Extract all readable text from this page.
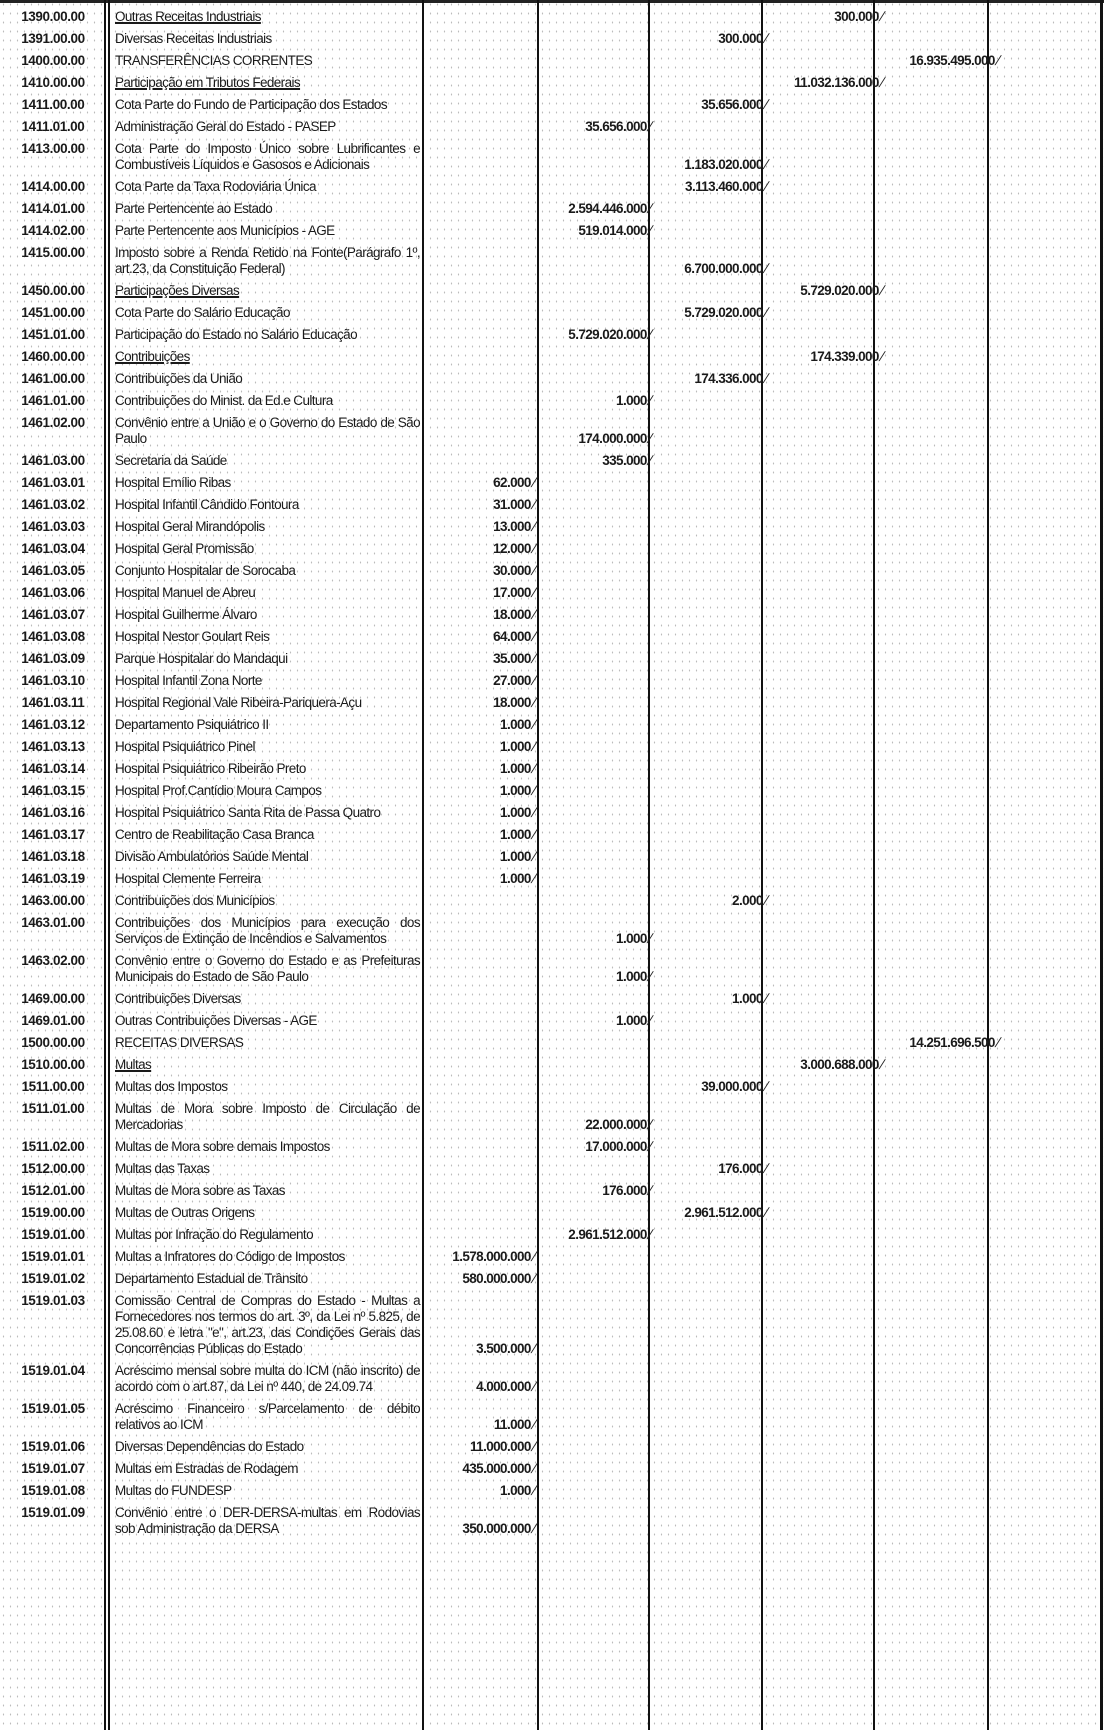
1390.00.00	Outras Receitas Industriais				300.000/		
1391.00.00	Diversas Receitas Industriais			300.000/			
1400.00.00	TRANSFERÊNCIAS CORRENTES					16.935.495.000/	
1410.00.00	Participação em Tributos Federais				11.032.136.000/		
1411.00.00	Cota Parte do Fundo de Participação dos Estados			35.656.000/			
1411.01.00	Administração Geral do Estado - PASEP		35.656.000/				
1413.00.00	Cota Parte do Imposto Único sobre Lubrificantes e Combustíveis Líquidos e Gasosos e Adicionais			1.183.020.000/			
1414.00.00	Cota Parte da Taxa Rodoviária Única			3.113.460.000/			
1414.01.00	Parte Pertencente ao Estado		2.594.446.000/				
1414.02.00	Parte Pertencente aos Municípios - AGE		519.014.000/				
1415.00.00	Imposto sobre a Renda Retido na Fonte(Parágrafo 1º, art.23, da Constituição Federal)			6.700.000.000/			
1450.00.00	Participações Diversas				5.729.020.000/		
1451.00.00	Cota Parte do Salário Educação			5.729.020.000/			
1451.01.00	Participação do Estado no Salário Educação		5.729.020.000/				
1460.00.00	Contribuições				174.339.000/		
1461.00.00	Contribuições da União			174.336.000/			
1461.01.00	Contribuições do Minist. da Ed.e Cultura		1.000/				
1461.02.00	Convênio entre a União e o Governo do Estado de São Paulo		174.000.000/				
1461.03.00	Secretaria da Saúde		335.000/				
1461.03.01	Hospital Emílio Ribas	62.000/					
1461.03.02	Hospital Infantil Cândido Fontoura	31.000/					
1461.03.03	Hospital Geral Mirandópolis	13.000/					
1461.03.04	Hospital Geral Promissão	12.000/					
1461.03.05	Conjunto Hospitalar de Sorocaba	30.000/					
1461.03.06	Hospital Manuel de Abreu	17.000/					
1461.03.07	Hospital Guilherme Álvaro	18.000/					
1461.03.08	Hospital Nestor Goulart Reis	64.000/					
1461.03.09	Parque Hospitalar do Mandaqui	35.000/					
1461.03.10	Hospital Infantil Zona Norte	27.000/					
1461.03.11	Hospital Regional Vale Ribeira-Pariquera-Açu	18.000/					
1461.03.12	Departamento Psiquiátrico II	1.000/					
1461.03.13	Hospital Psiquiátrico Pinel	1.000/					
1461.03.14	Hospital Psiquiátrico Ribeirão Preto	1.000/					
1461.03.15	Hospital Prof.Cantídio Moura Campos	1.000/					
1461.03.16	Hospital Psiquiátrico Santa Rita de Passa Quatro	1.000/					
1461.03.17	Centro de Reabilitação Casa Branca	1.000/					
1461.03.18	Divisão Ambulatórios Saúde Mental	1.000/					
1461.03.19	Hospital Clemente Ferreira	1.000/					
1463.00.00	Contribuições dos Municípios			2.000/			
1463.01.00	Contribuições dos Municípios para execução dos Serviços de Extinção de Incêndios e Salvamentos		1.000/				
1463.02.00	Convênio entre o Governo do Estado e as Prefeituras Municipais do Estado de São Paulo		1.000/				
1469.00.00	Contribuições Diversas			1.000/			
1469.01.00	Outras Contribuições Diversas - AGE		1.000/				
1500.00.00	RECEITAS DIVERSAS					14.251.696.500/	
1510.00.00	Multas				3.000.688.000/		
1511.00.00	Multas dos Impostos			39.000.000/			
1511.01.00	Multas de Mora sobre Imposto de Circulação de Mercadorias		22.000.000/				
1511.02.00	Multas de Mora sobre demais Impostos		17.000.000/				
1512.00.00	Multas das Taxas			176.000/			
1512.01.00	Multas de Mora sobre as Taxas		176.000/				
1519.00.00	Multas de Outras Origens			2.961.512.000/			
1519.01.00	Multas por Infração do Regulamento		2.961.512.000/				
1519.01.01	Multas a Infratores do Código de Impostos	1.578.000.000/					
1519.01.02	Departamento Estadual de Trânsito	580.000.000/					
1519.01.03	Comissão Central de Compras do Estado - Multas a Fornecedores nos termos do art. 3º, da Lei nº 5.825, de 25.08.60 e letra "e", art.23, das Condições Gerais das Concorrências Públicas do Estado	3.500.000/					
1519.01.04	Acréscimo mensal sobre multa do ICM (não inscrito) de acordo com o art.87, da Lei nº 440, de 24.09.74	4.000.000/					
1519.01.05	Acréscimo Financeiro s/Parcelamento de débito relativos ao ICM	11.000/					
1519.01.06	Diversas Dependências do Estado	11.000.000/					
1519.01.07	Multas em Estradas de Rodagem	435.000.000/					
1519.01.08	Multas do FUNDESP	1.000/					
1519.01.09	Convênio entre o DER-DERSA-multas em Rodovias sob Administração da DERSA	350.000.000/					
